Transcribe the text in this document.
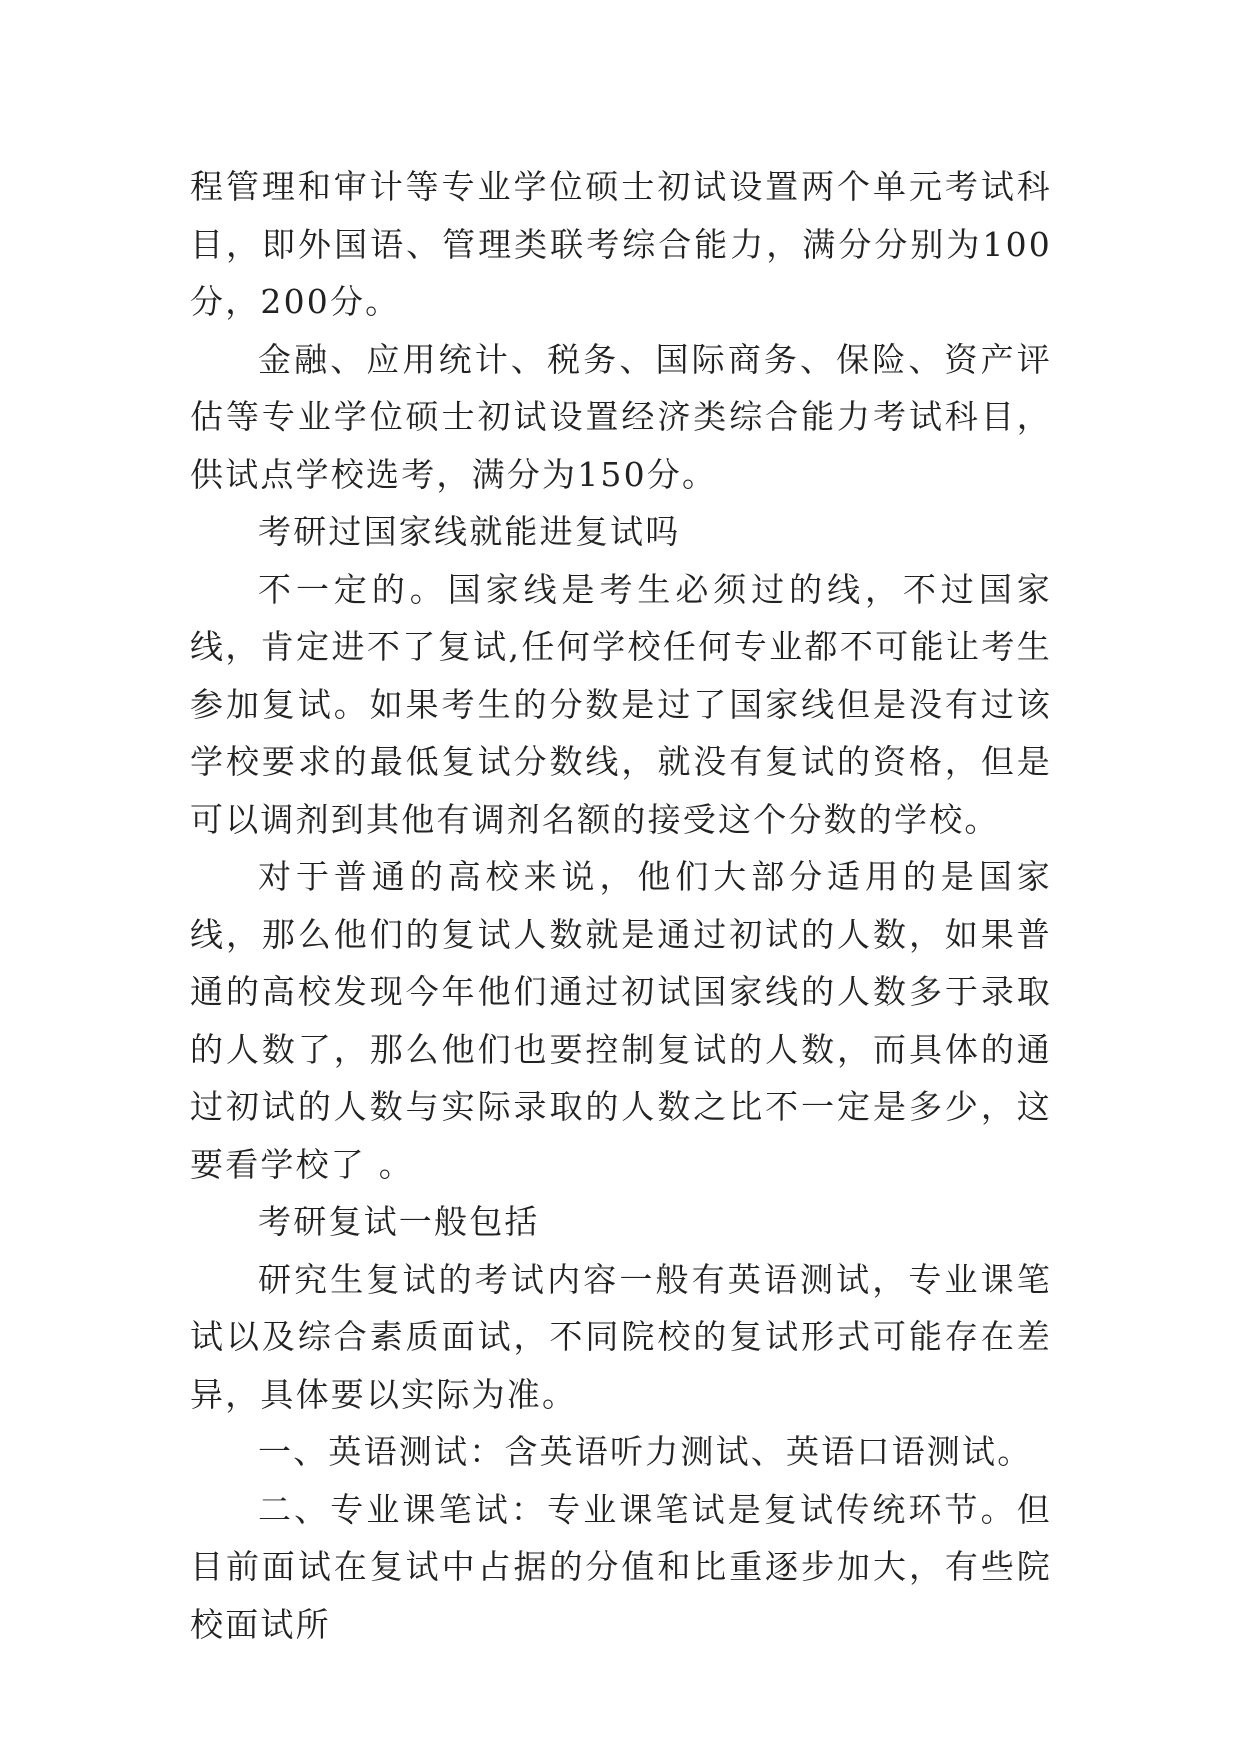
程管理和审计等专业学位硕士初试设置两个单元考试科目，即外国语、管理类联考综合能力，满分分别为100分，200分。

金融、应用统计、税务、国际商务、保险、资产评估等专业学位硕士初试设置经济类综合能力考试科目，供试点学校选考，满分为150分。

考研过国家线就能进复试吗

不一定的。国家线是考生必须过的线，不过国家线，肯定进不了复试,任何学校任何专业都不可能让考生参加复试。如果考生的分数是过了国家线但是没有过该学校要求的最低复试分数线，就没有复试的资格，但是可以调剂到其他有调剂名额的接受这个分数的学校。

对于普通的高校来说，他们大部分适用的是国家线，那么他们的复试人数就是通过初试的人数，如果普通的高校发现今年他们通过初试国家线的人数多于录取的人数了，那么他们也要控制复试的人数，而具体的通过初试的人数与实际录取的人数之比不一定是多少，这要看学校了 。

考研复试一般包括

研究生复试的考试内容一般有英语测试，专业课笔试以及综合素质面试，不同院校的复试形式可能存在差异，具体要以实际为准。

一、英语测试：含英语听力测试、英语口语测试。

二、专业课笔试：专业课笔试是复试传统环节。但目前面试在复试中占据的分值和比重逐步加大，有些院校面试所
